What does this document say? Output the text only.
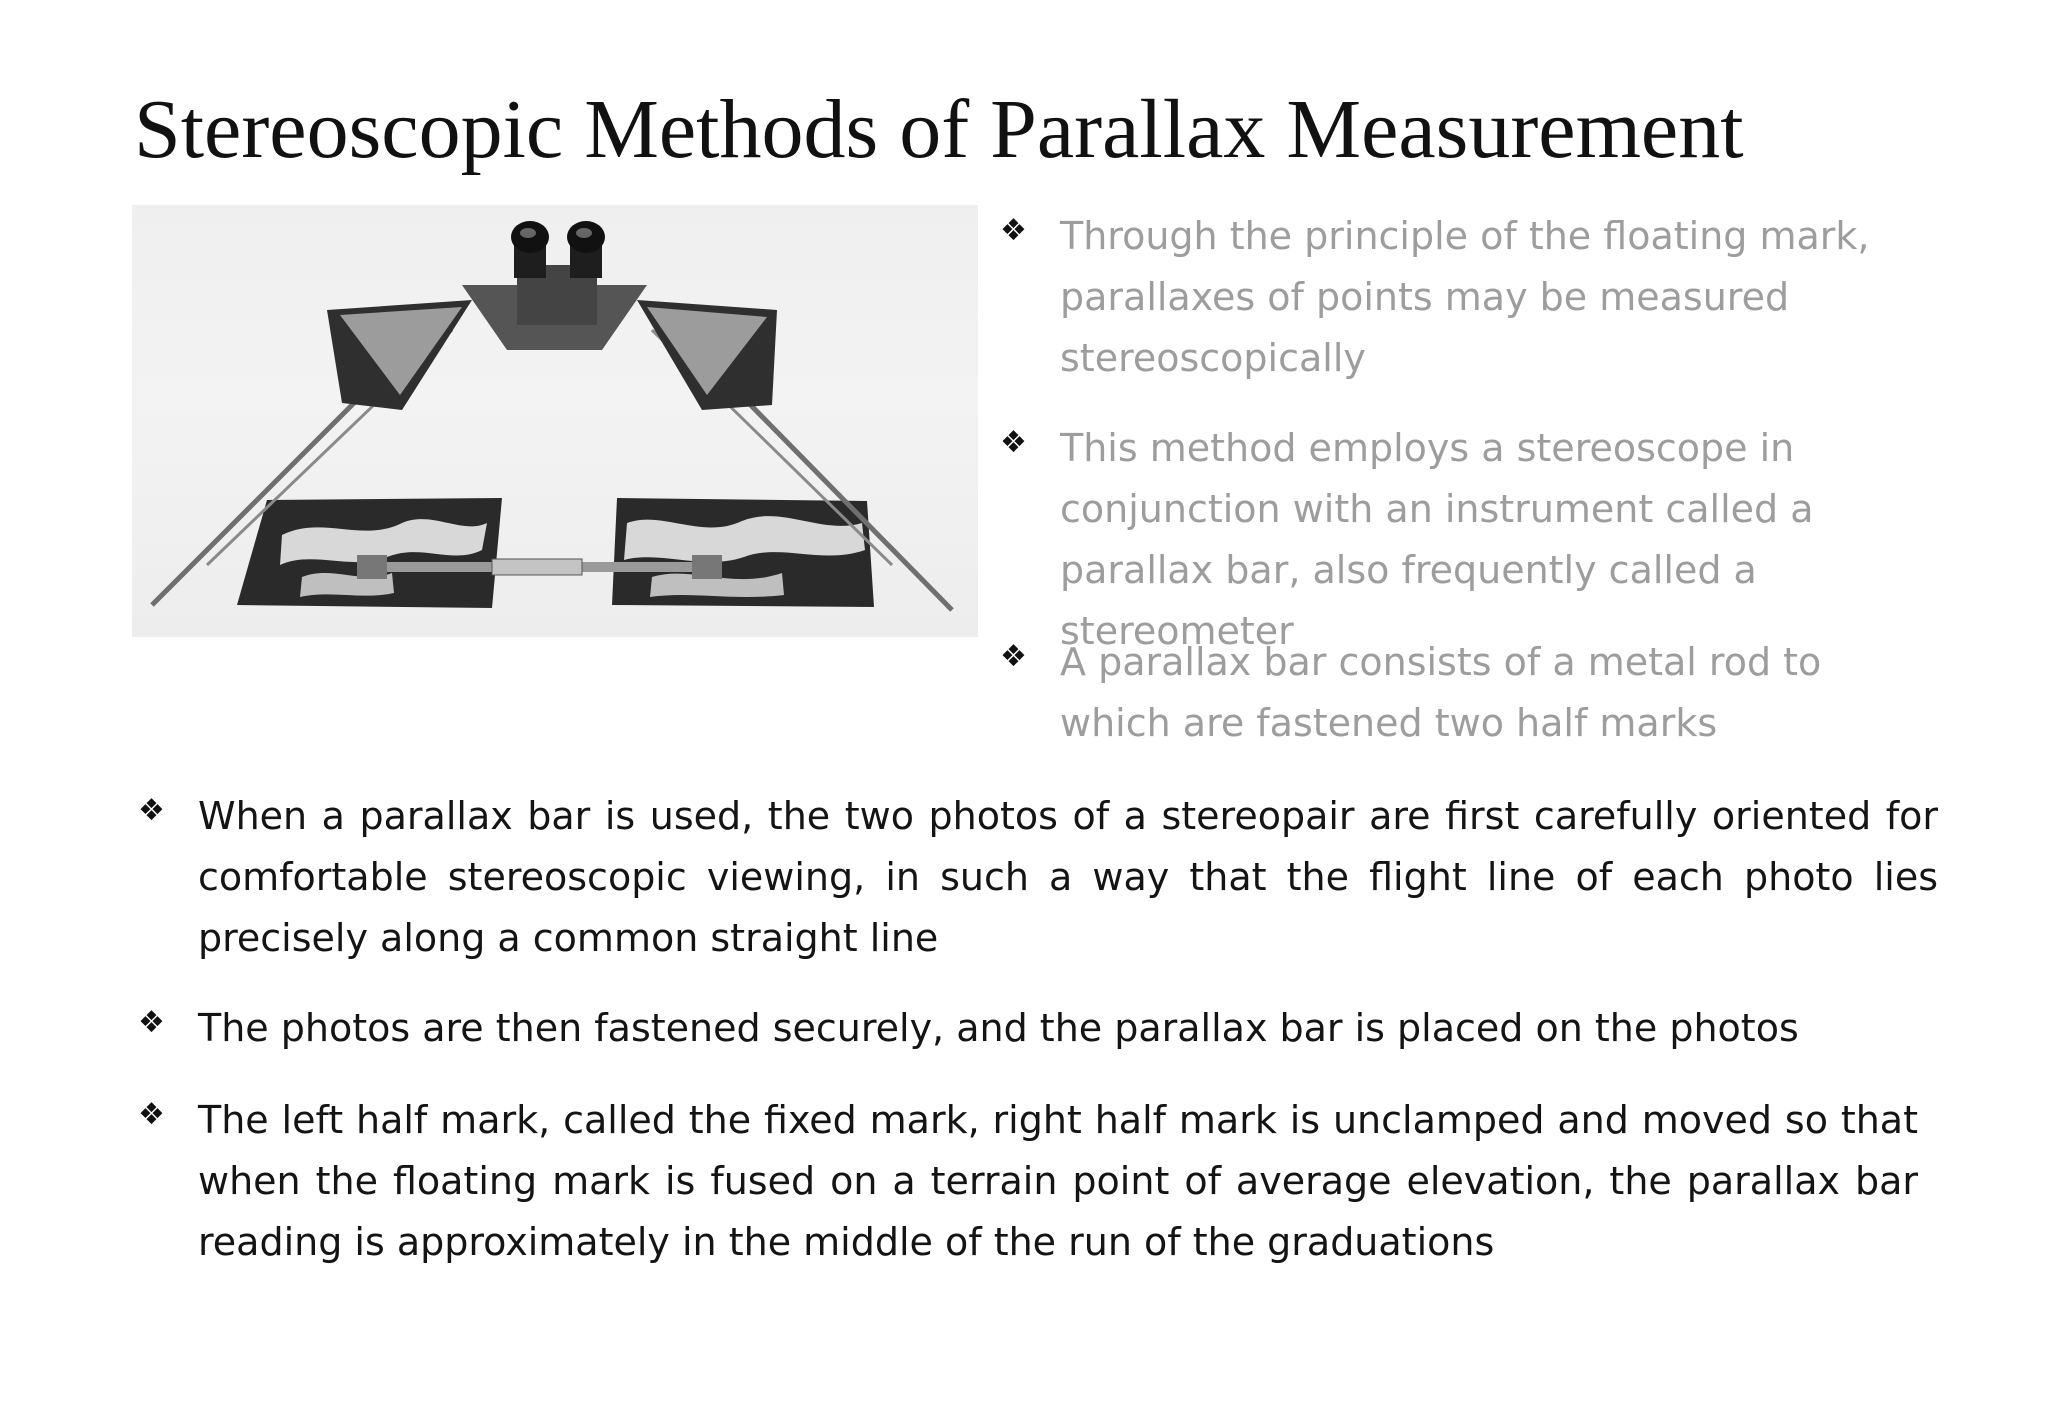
Stereoscopic Methods of Parallax Measurement
❖ Through the principle of the floating mark, parallaxes of points may be measured stereoscopically
❖ This method employs a stereoscope in conjunction with an instrument called a parallax bar, also frequently called a stereometer
❖ A parallax bar consists of a metal rod to which are fastened two half marks
❖ When a parallax bar is used, the two photos of a stereopair are first carefully oriented for comfortable stereoscopic viewing, in such a way that the flight line of each photo lies precisely along a common straight line
❖ The photos are then fastened securely, and the parallax bar is placed on the photos
❖ The left half mark, called the fixed mark, right half mark is unclamped and moved so that when the floating mark is fused on a terrain point of average elevation, the parallax bar reading is approximately in the middle of the run of the graduations
